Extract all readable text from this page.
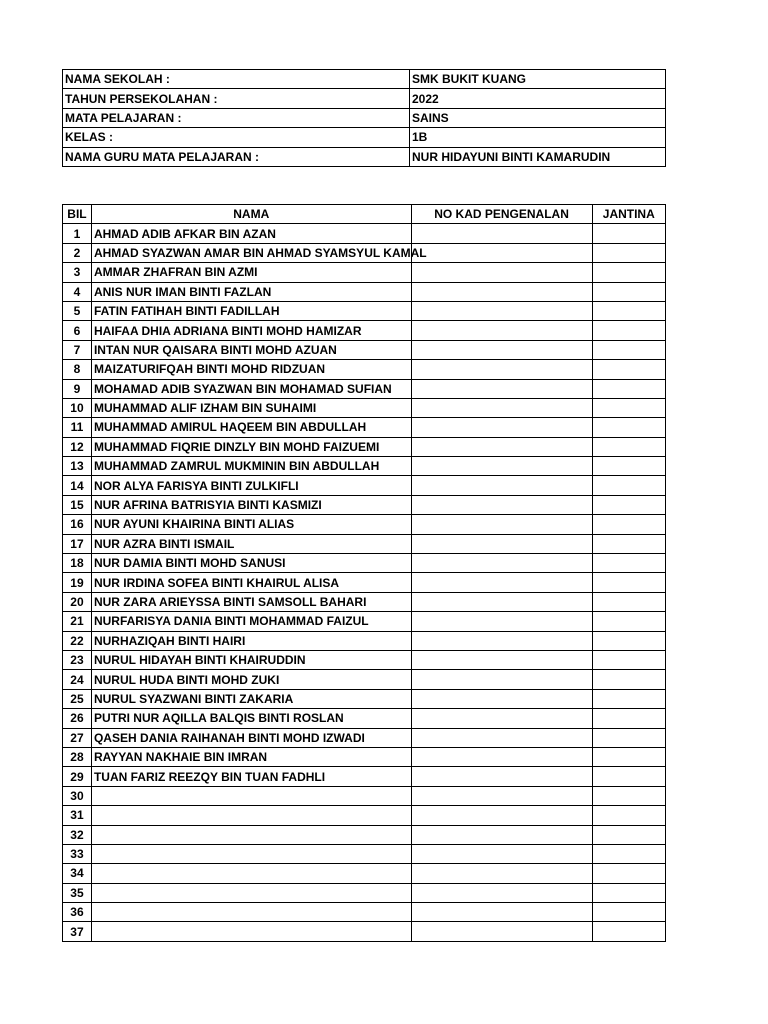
NAMA SEKOLAH :	SMK BUKIT KUANG
TAHUN PERSEKOLAHAN :	2022
MATA PELAJARAN :	SAINS
KELAS :	1B
NAMA GURU MATA PELAJARAN :	NUR HIDAYUNI BINTI KAMARUDIN
BIL	NAMA	NO KAD PENGENALAN	JANTINA
1	AHMAD ADIB AFKAR BIN AZAN		
2	AHMAD SYAZWAN AMAR BIN AHMAD SYAMSYUL KAMAL		
3	AMMAR ZHAFRAN BIN AZMI		
4	ANIS NUR IMAN BINTI FAZLAN		
5	FATIN FATIHAH BINTI FADILLAH		
6	HAIFAA DHIA ADRIANA BINTI MOHD HAMIZAR		
7	INTAN NUR QAISARA BINTI MOHD AZUAN		
8	MAIZATURIFQAH BINTI MOHD RIDZUAN		
9	MOHAMAD ADIB SYAZWAN BIN MOHAMAD SUFIAN		
10	MUHAMMAD ALIF IZHAM BIN SUHAIMI		
11	MUHAMMAD AMIRUL HAQEEM BIN ABDULLAH		
12	MUHAMMAD FIQRIE DINZLY BIN MOHD FAIZUEMI		
13	MUHAMMAD ZAMRUL MUKMININ BIN ABDULLAH		
14	NOR ALYA FARISYA BINTI ZULKIFLI		
15	NUR AFRINA BATRISYIA BINTI KASMIZI		
16	NUR AYUNI KHAIRINA BINTI ALIAS		
17	NUR AZRA BINTI ISMAIL		
18	NUR DAMIA BINTI MOHD SANUSI		
19	NUR IRDINA SOFEA BINTI KHAIRUL ALISA		
20	NUR ZARA ARIEYSSA BINTI SAMSOLL BAHARI		
21	NURFARISYA DANIA BINTI MOHAMMAD FAIZUL		
22	NURHAZIQAH BINTI HAIRI		
23	NURUL HIDAYAH BINTI KHAIRUDDIN		
24	NURUL HUDA BINTI MOHD ZUKI		
25	NURUL SYAZWANI BINTI ZAKARIA		
26	PUTRI NUR AQILLA BALQIS BINTI ROSLAN		
27	QASEH DANIA RAIHANAH BINTI MOHD IZWADI		
28	RAYYAN NAKHAIE BIN IMRAN		
29	TUAN FARIZ REEZQY BIN TUAN FADHLI		
30			
31			
32			
33			
34			
35			
36			
37			
